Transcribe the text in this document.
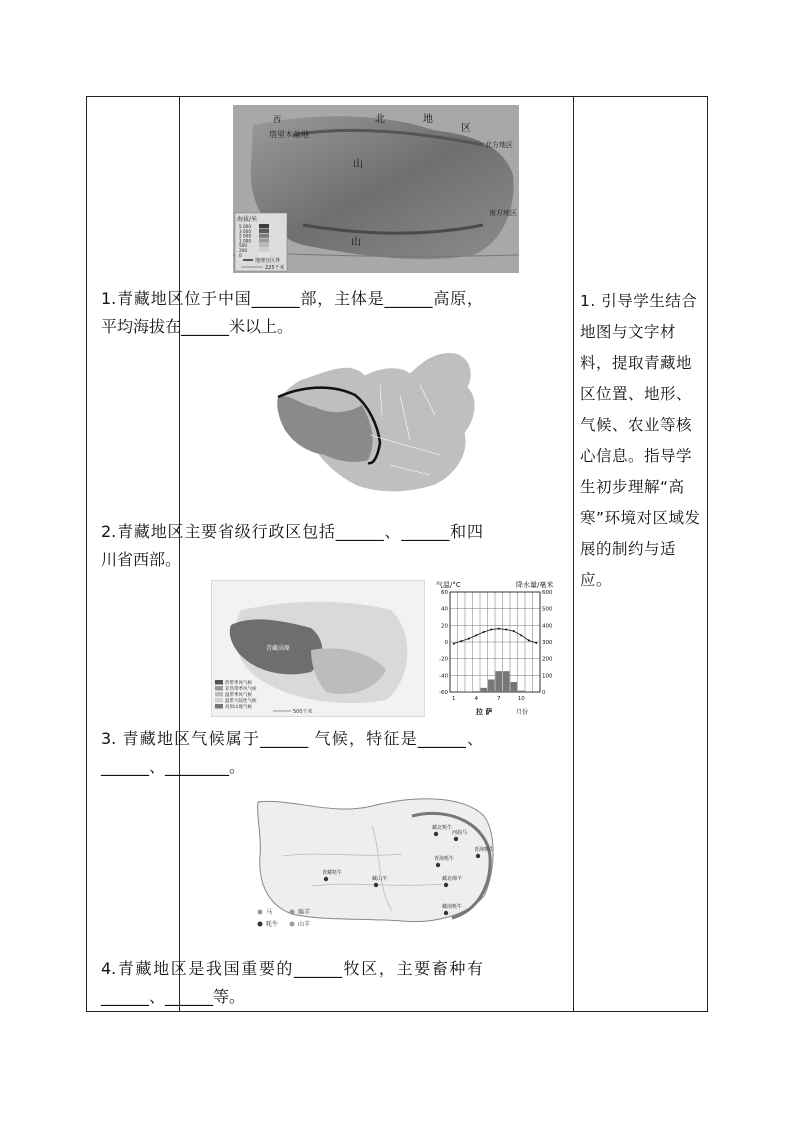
西	北	地
区
塔里木盆地
山
山
北方地区
南方地区
海拔/米
5 000
3 000
2 000
1 000
500
200
0
地理分区界
225千米
1.青藏地区位于中国______部，主体是______高原，平均海拔在______米以上。
2.青藏地区主要省级行政区包括______、______和四川省西部。
青藏高原
热带季风气候
亚热带季风气候
温带季风气候
温带大陆性气候
高原山地气候
500千米
气温/°C	降水量/毫米
月份
拉 萨
60	600
40	500
20	400
0	300
-20	200
-40	100
-60	0
1	4	7	10
3. 青藏地区气候属于______ 气候，特征是______、______、________。
藏北牦牛
青藏牦牛
青海牦牛
青海牦牛
藏南牦牛
藏北绵羊
河曲马
藏山羊
马	绵羊
牦牛	山羊
4.青藏地区是我国重要的______牧区，主要畜种有______、______等。
1. 引导学生结合地图与文字材料，提取青藏地区位置、地形、气候、农业等核心信息。指导学生初步理解“高寒”环境对区域发展的制约与适应。
